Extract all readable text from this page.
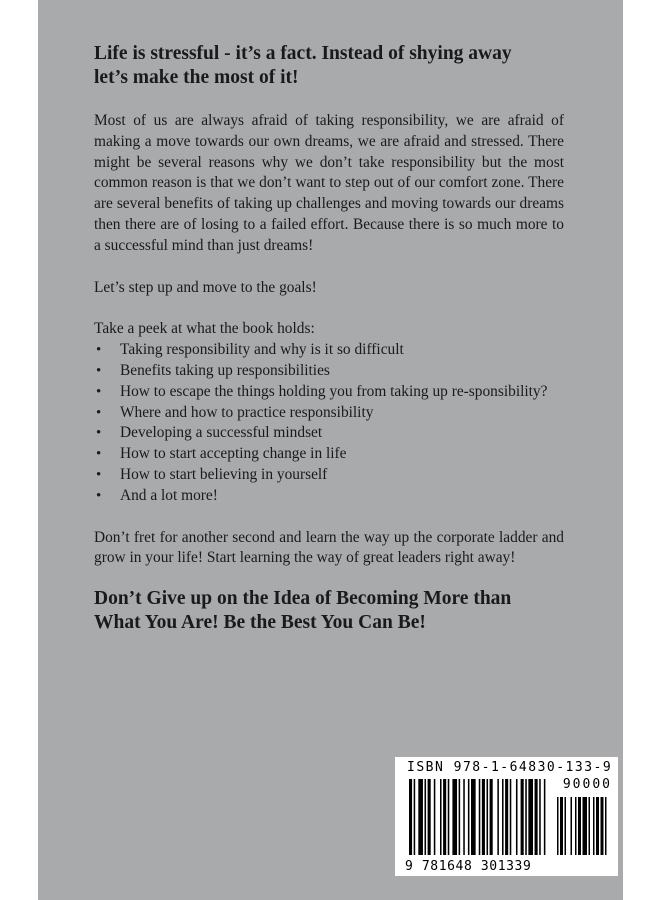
Life is stressful - it’s a fact. Instead of shying away
let’s make the most of it!

Most of us are always afraid of taking responsibility, we are afraid of making a move towards our own dreams, we are afraid and stressed. There might be several reasons why we don’t take responsibility but the most common reason is that we don’t want to step out of our comfort zone. There are several benefits of taking up challenges and moving towards our dreams then there are of losing to a failed effort. Because there is so much more to a successful mind than just dreams!

Let’s step up and move to the goals!

Take a peek at what the book holds:

• Taking responsibility and why is it so difficult
• Benefits taking up responsibilities
• How to escape the things holding you from taking up re-sponsibility?
• Where and how to practice responsibility
• Developing a successful mindset
• How to start accepting change in life
• How to start believing in yourself
• And a lot more!

Don’t fret for another second and learn the way up the corporate ladder and grow in your life! Start learning the way of great leaders right away!

Don’t Give up on the Idea of Becoming More than
What You Are! Be the Best You Can Be!

ISBN 978-1-64830-133-9
90000
9 781648 301339
